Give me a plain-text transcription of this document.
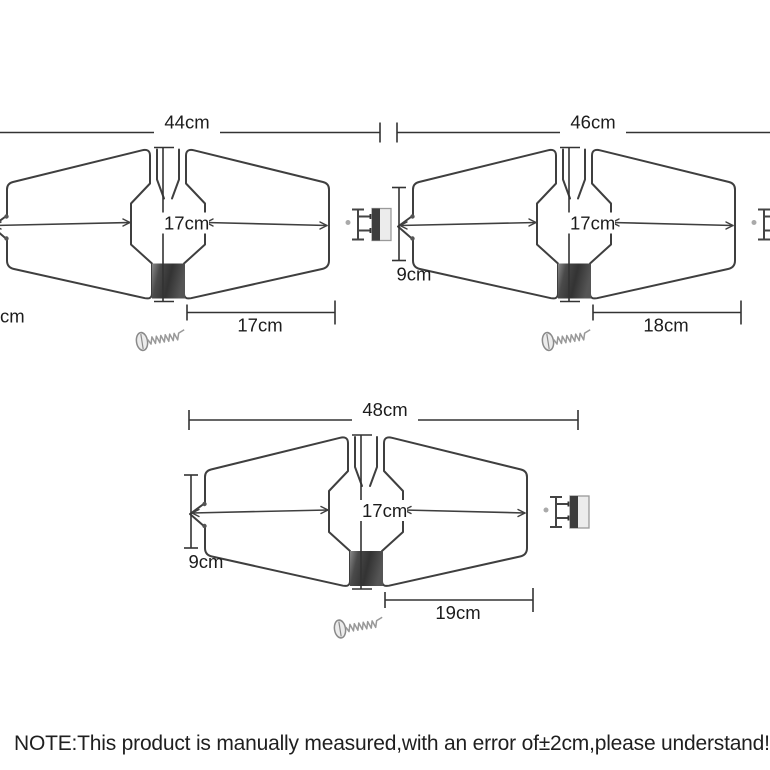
44cm
17cm
cm	17cm
46cm
17cm
9cm
18cm
48cm
17cm
9cm
19cm
NOTE:This product is manually measured,with an error of±2cm,please understand!
